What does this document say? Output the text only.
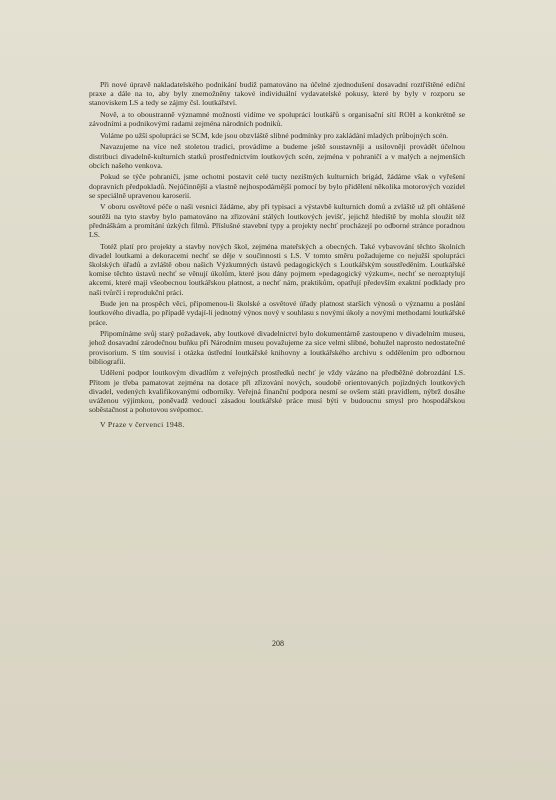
Při nové úpravě nakladatelského podnikání budiž pamatováno na účelné zjednodušení dosavadní roztříštěné ediční praxe a dále na to, aby byly znemožněny takové individuální vydavatelské pokusy, které by byly v rozporu se stanoviskem LS a tedy se zájmy čsl. loutkářství.

Nově, a to oboustranně významné možnosti vidíme ve spolupráci loutkářů s organisační sítí ROH a konkrétně se závodními a podnikovými radami zejména národních podniků.

Voláme po užší spolupráci se SCM, kde jsou obzvláště slibné podmínky pro zakládání mladých průbojných scén.

Navazujeme na více než stoletou tradici, provádíme a budeme ještě soustavněji a usilovněji provádět účelnou distribuci divadelně-kulturních statků prostřednictvím loutkových scén, zejména v pohraničí a v malých a nejmenších obcích našeho venkova.

Pokud se týče pohraničí, jsme ochotni postavit celé tucty nezištných kulturních brigád, žádáme však o vyřešení dopravních předpokladů. Nejúčinnější a vlastně nejhospodárnější pomocí by bylo přidělení několika motorových vozidel se speciálně upravenou karoserií.

V oboru osvětové péče o naši vesnici žádáme, aby při typisaci a výstavbě kulturních domů a zvláště už při ohlášené soutěži na tyto stavby bylo pamatováno na zřizování stálých loutkových jevišť, jejichž hlediště by mohla sloužit též přednáškám a promítání úzkých filmů. Příslušné stavební typy a projekty nechť procházejí po odborné stránce poradnou LS.

Totéž platí pro projekty a stavby nových škol, zejména mateřských a obecných. Také vybavování těchto školních divadel loutkami a dekoracemi nechť se děje v součinnosti s LS. V tomto směru požadujeme co nejužší spolupráci školských úřadů a zvláště obou našich Výzkumných ústavů pedagogických s Loutkářským soustředěním. Loutkářské komise těchto ústavů nechť se věnují úkolům, které jsou dány pojmem »pedagogický výzkum«, nechť se nerozptylují akcemi, které mají všeobecnou loutkářskou platnost, a nechť nám, praktikům, opatřují především exaktní podklady pro naši tvůrčí i reprodukční práci.

Bude jen na prospěch věci, připomenou-li školské a osvětové úřady platnost starších výnosů o významu a poslání loutkového divadla, po případě vydají-li jednotný výnos nový v souhlasu s novými úkoly a novými methodami loutkářské práce.

Připomínáme svůj starý požadavek, aby loutkové divadelnictví bylo dokumentárně zastoupeno v divadelním museu, jehož dosavadní zárodečnou buňku při Národním museu považujeme za sice velmi slibné, bohužel naprosto nedostatečné provisorium. S tím souvisí i otázka ústřední loutkářské knihovny a loutkářského archivu s oddělením pro odbornou bibliografii.

Udělení podpor loutkovým divadlům z veřejných prostředků nechť je vždy vázáno na předběžné dobrozdání LS. Přitom je třeba pamatovat zejména na dotace při zřizování nových, soudobě orientovaných pojízdných loutkových divadel, vedených kvalifikovanými odborníky. Veřejná finanční podpora nesmí se ovšem státi pravidlem, nýbrž dosáhe uváženou výjimkou, poněvadž vedoucí zásadou loutkářské práce musí býti v budoucnu smysl pro hospodářskou soběstačnost a pohotovou svépomoc.

V Praze v červenci 1948.

208
